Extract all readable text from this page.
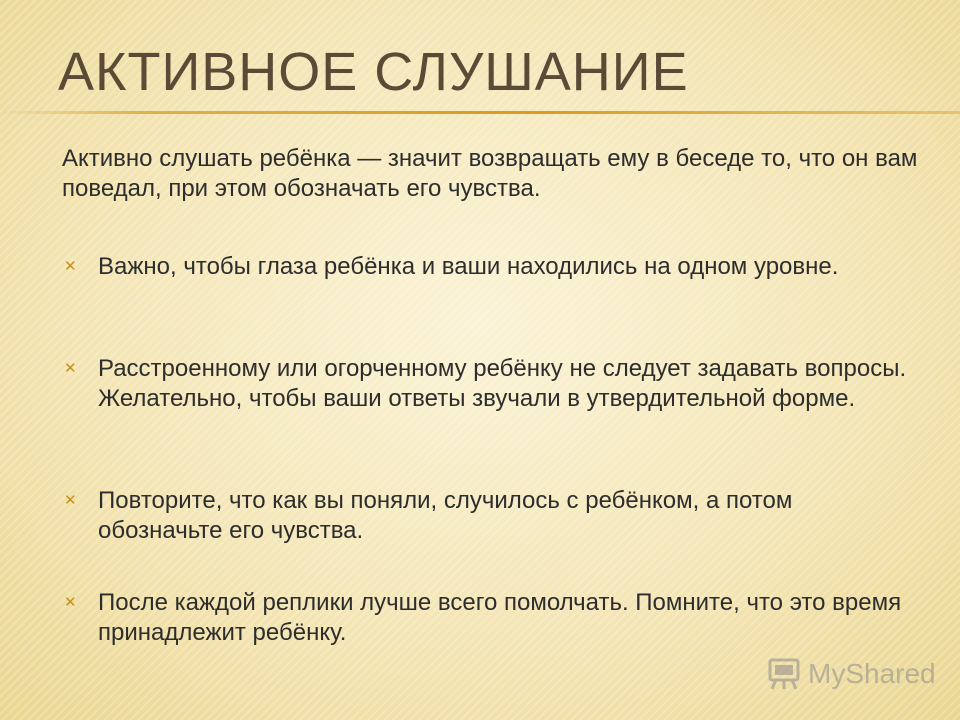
АКТИВНОЕ СЛУШАНИЕ

Активно слушать ребёнка — значит возвращать ему в беседе то, что он вам поведал, при этом обозначать его чувства.

✕ Важно, чтобы глаза ребёнка и ваши находились на одном уровне.

✕ Расстроенному или огорченному ребёнку не следует задавать вопросы. Желательно, чтобы ваши ответы звучали в утвердительной форме.

✕ Повторите, что как вы поняли, случилось с ребёнком, а потом обозначьте его чувства.

✕ После каждой реплики лучше всего помолчать. Помните, что это время принадлежит ребёнку.

MyShared
